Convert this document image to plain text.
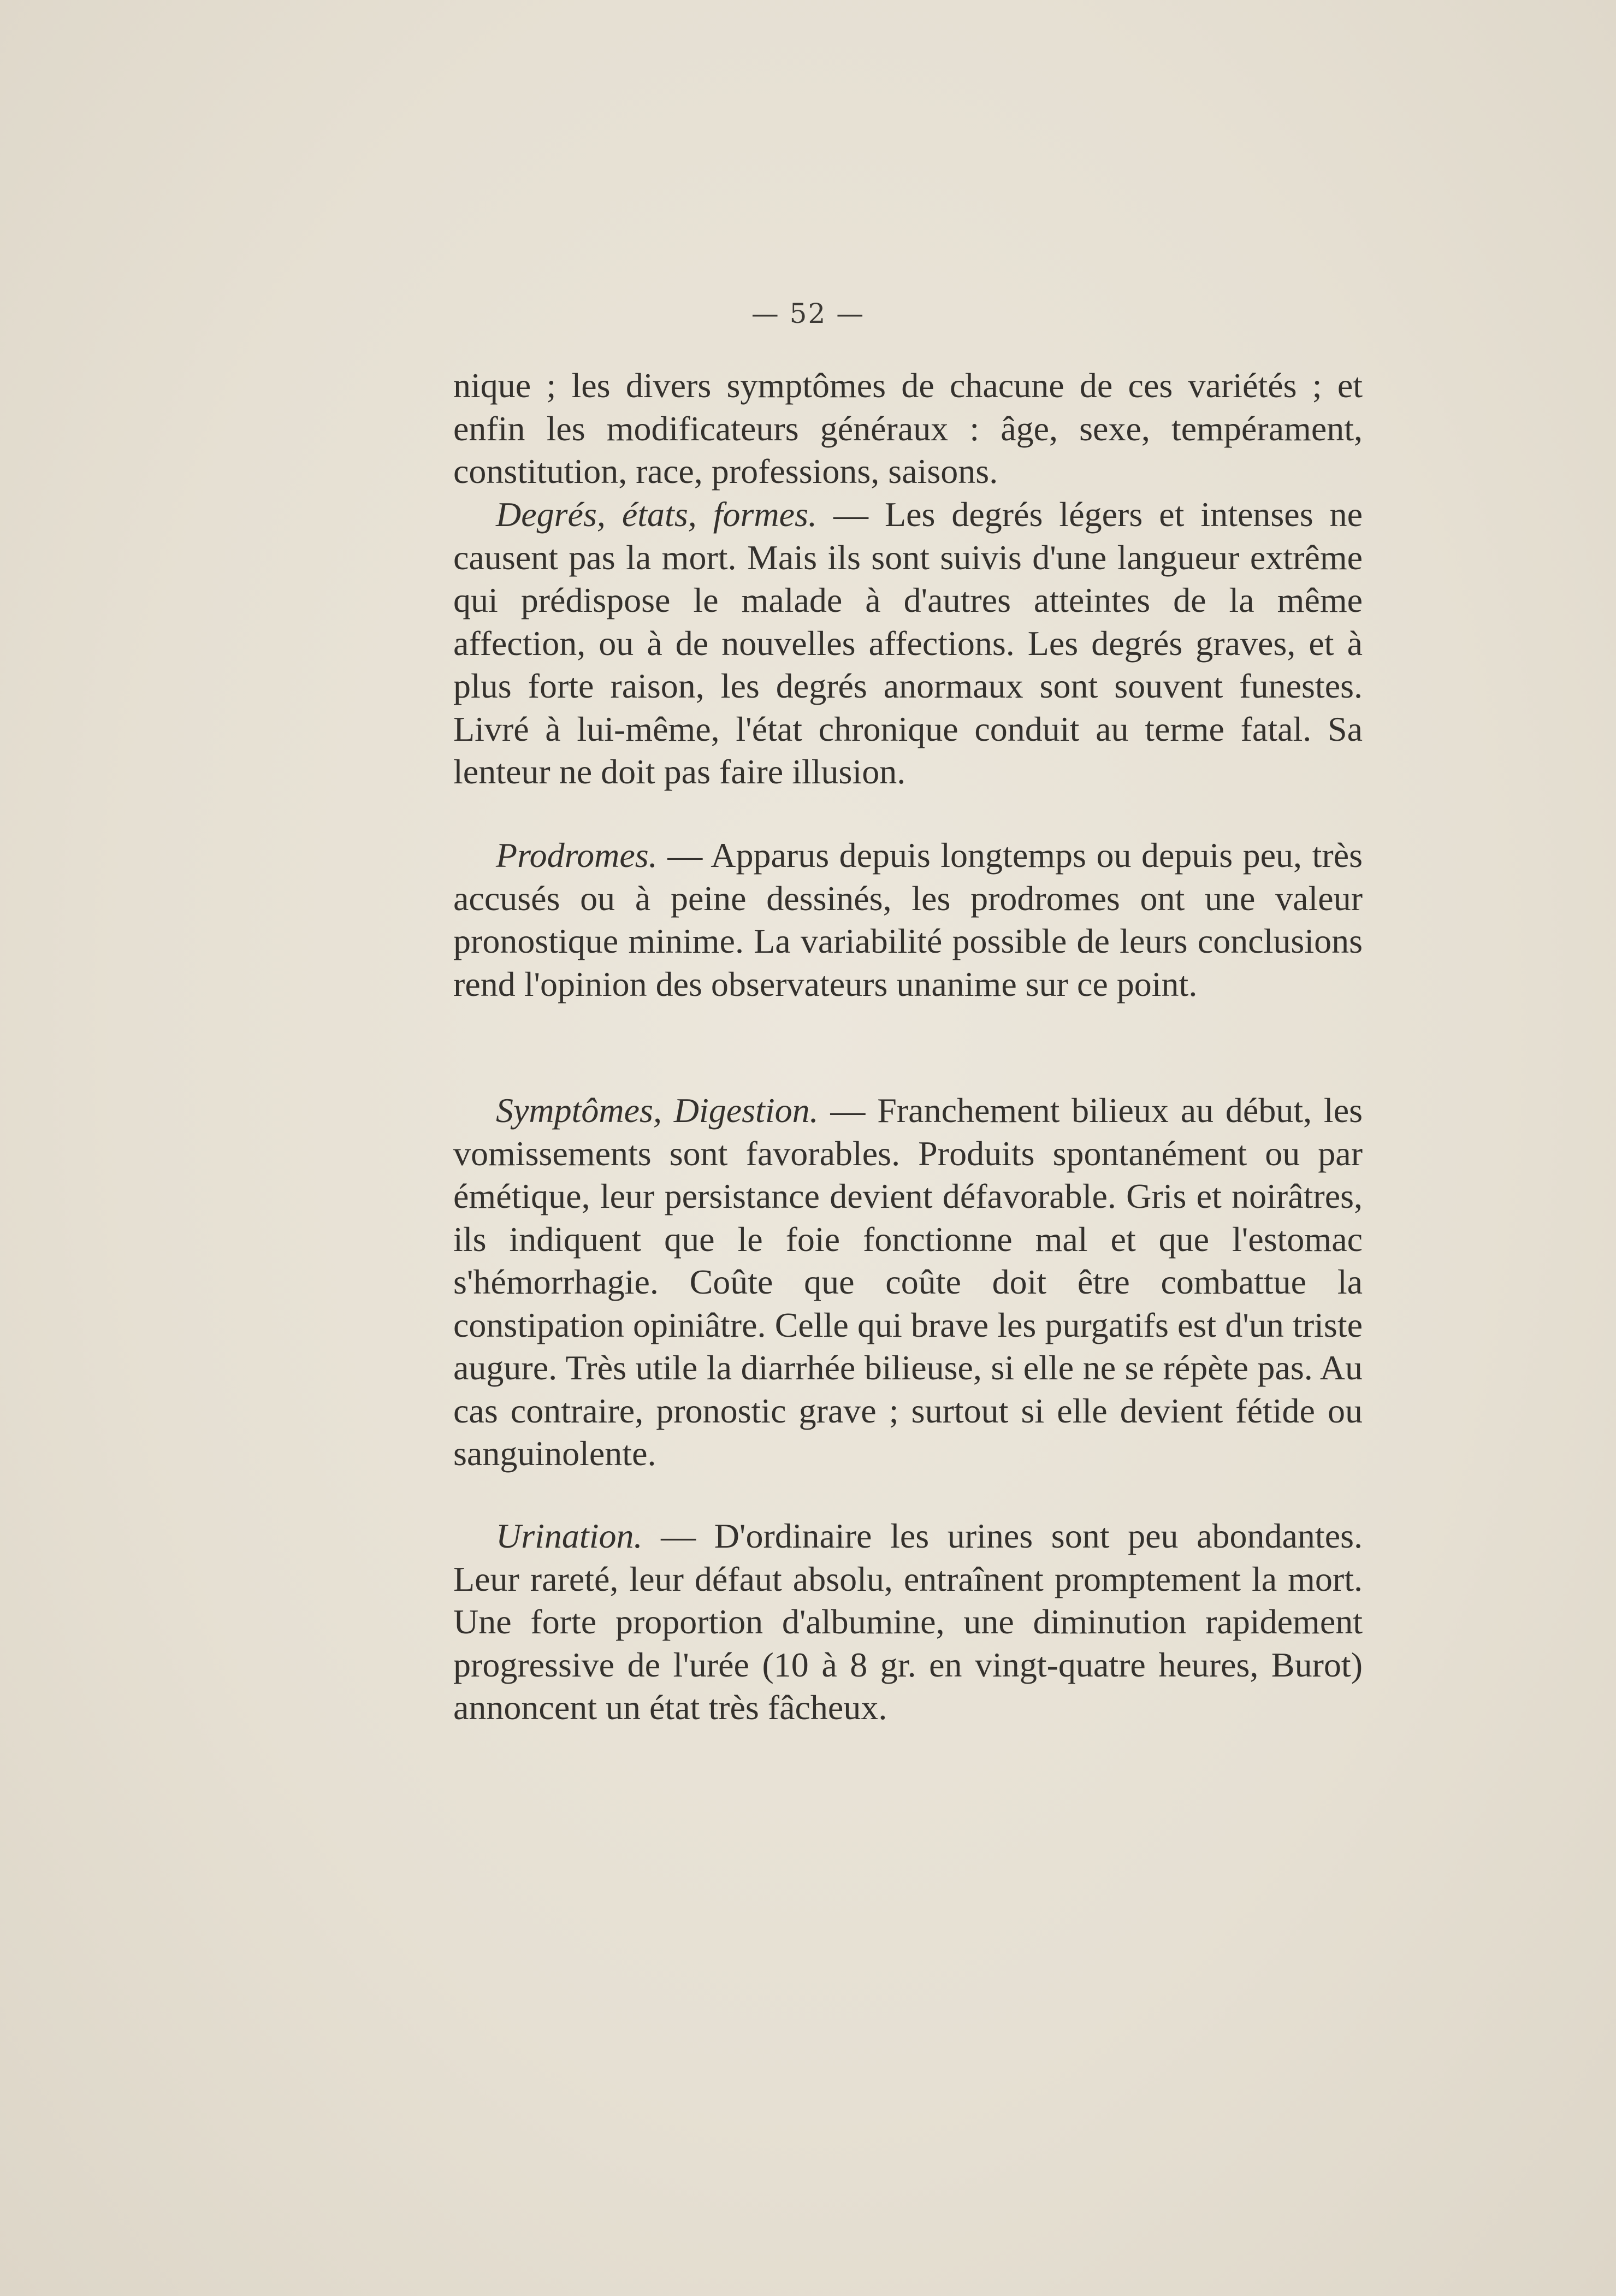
— 52 —

nique ; les divers symptômes de chacune de ces variétés ; et enfin les modificateurs généraux : âge, sexe, tempérament, constitution, race, professions, saisons.

Degrés, états, formes. — Les degrés légers et intenses ne causent pas la mort. Mais ils sont suivis d'une langueur extrême qui prédispose le malade à d'autres atteintes de la même affection, ou à de nouvelles affections. Les degrés graves, et à plus forte raison, les degrés anormaux sont souvent funestes. Livré à lui-même, l'état chronique conduit au terme fatal. Sa lenteur ne doit pas faire illusion.

Prodromes. — Apparus depuis longtemps ou depuis peu, très accusés ou à peine dessinés, les prodromes ont une valeur pronostique minime. La variabilité possible de leurs conclusions rend l'opinion des observateurs unanime sur ce point.

Symptômes, Digestion. — Franchement bilieux au début, les vomissements sont favorables. Produits spontanément ou par émétique, leur persistance devient défavorable. Gris et noirâtres, ils indiquent que le foie fonctionne mal et que l'estomac s'hémorrhagie. Coûte que coûte doit être combattue la constipation opiniâtre. Celle qui brave les purgatifs est d'un triste augure. Très utile la diarrhée bilieuse, si elle ne se répète pas. Au cas contraire, pronostic grave ; surtout si elle devient fétide ou sanguinolente.

Urination. — D'ordinaire les urines sont peu abondantes. Leur rareté, leur défaut absolu, entraînent promptement la mort. Une forte proportion d'albumine, une diminution rapidement progressive de l'urée (10 à 8 gr. en vingt-quatre heures, Burot) annoncent un état très fâcheux.
